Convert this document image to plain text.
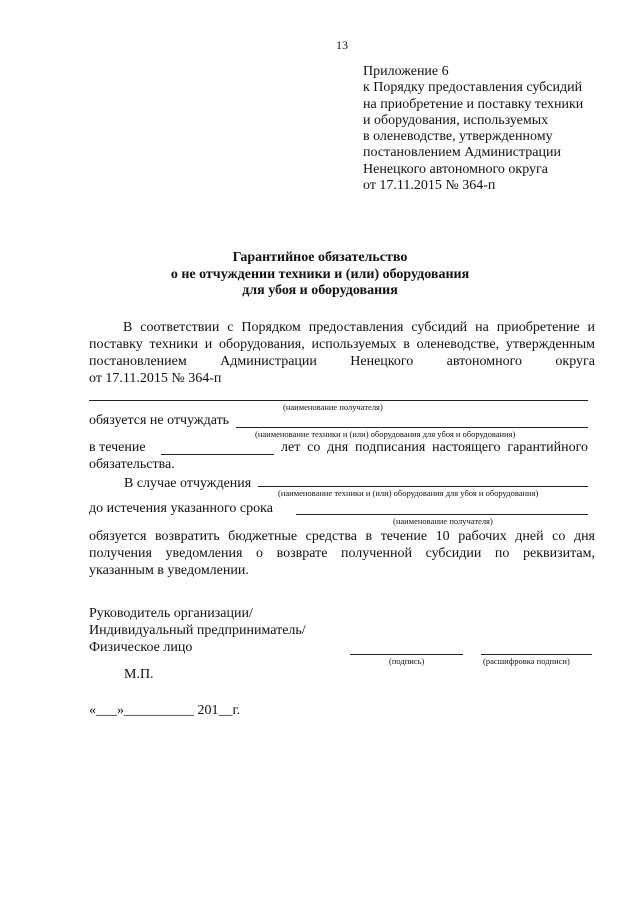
13
Приложение 6
к Порядку предоставления субсидий
на приобретение и поставку техники
и оборудования, используемых
в оленеводстве, утвержденному
постановлением Администрации
Ненецкого автономного округа
от 17.11.2015 № 364-п
Гарантийное обязательство
о не отчуждении техники и (или) оборудования
для убоя и оборудования
В соответствии с Порядком предоставления субсидий на приобретение и
поставку техники и оборудования, используемых в оленеводстве, утвержденным
постановлением Администрации Ненецкого автономного округа
от 17.11.2015 № 364-п
(наименование получателя)
обязуется не отчуждать
(наименование техники и (или) оборудования для убоя и оборудования)
в течение	лет со дня подписания настоящего гарантийного
обязательства.
В случае отчуждения
(наименование техники и (или) оборудования для убоя и оборудования)
до истечения указанного срока
(наименование получателя)
обязуется возвратить бюджетные средства в течение 10 рабочих дней со дня
получения уведомления о возврате полученной субсидии по реквизитам,
указанным в уведомлении.
Руководитель организации/
Индивидуальный предприниматель/
Физическое лицо
(подпись)	(расшифровка подписи)
М.П.
«___»__________ 201__г.
